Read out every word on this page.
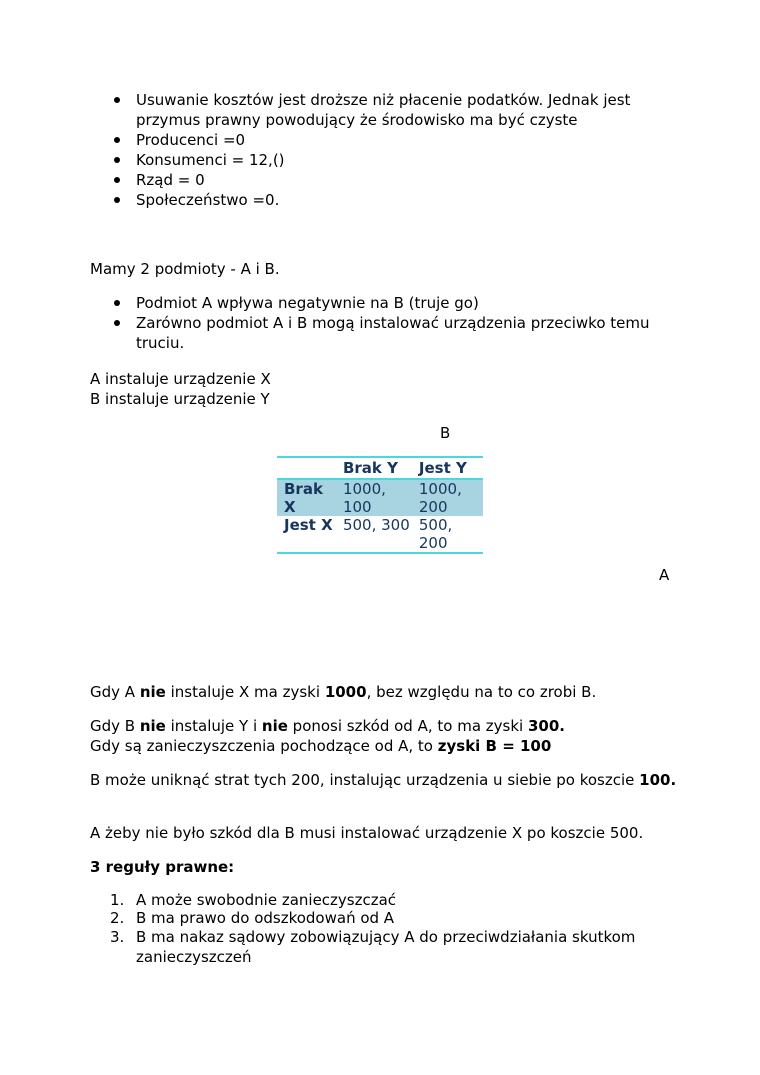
Usuwanie kosztów jest droższe niż płacenie podatków. Jednak jest przymus prawny powodujący że środowisko ma być czyste
Producenci =0
Konsumenci = 12,()
Rząd = 0
Społeczeństwo =0.

Mamy 2 podmioty - A i B.

Podmiot A wpływa negatywnie na B (truje go)
Zarówno podmiot A i B mogą instalować urządzenia przeciwko temu truciu.

A instaluje urządzenie X
B instaluje urządzenie Y

B
	Brak Y	Jest Y
Brak X	1000, 100	1000, 200
Jest X	500, 300	500, 200
A

Gdy A nie instaluje X ma zyski 1000, bez względu na to co zrobi B.

Gdy B nie instaluje Y i nie ponosi szkód od A, to ma zyski 300.
Gdy są zanieczyszczenia pochodzące od A, to zyski B = 100

B może uniknąć strat tych 200, instalując urządzenia u siebie po koszcie 100.

A żeby nie było szkód dla B musi instalować urządzenie X po koszcie 500.

3 reguły prawne:

1. A może swobodnie zanieczyszczać
2. B ma prawo do odszkodowań od A
3. B ma nakaz sądowy zobowiązujący A do przeciwdziałania skutkom zanieczyszczeń
